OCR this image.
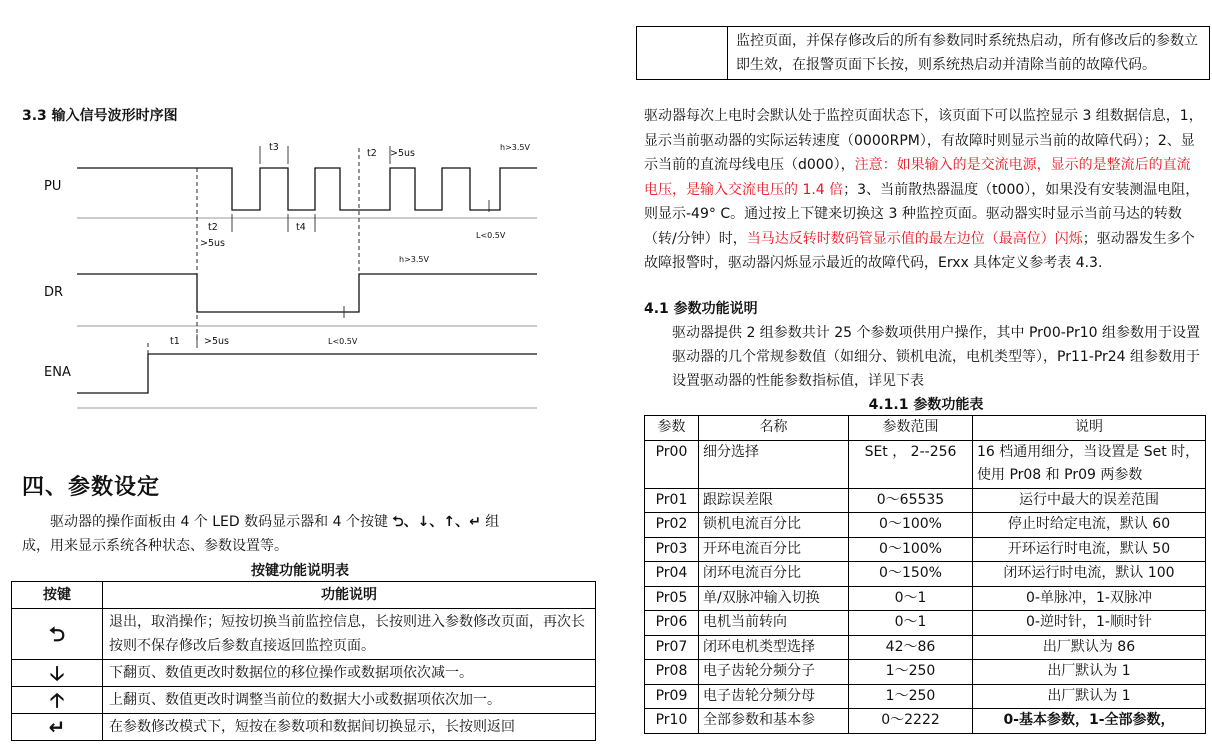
3.3 输入信号波形时序图
PU
DR
ENA
t3
t2 >5us
h>3.5V
t2
>5us
t4
L<0.5V
h>3.5V
L<0.5V
t1	>5us
四、参数设定
驱动器的操作面板由 4 个 LED 数码显示器和 4 个按键 ⮌、↓、↑、↵ 组
成，用来显示系统各种状态、参数设置等。
按键功能说明表
按键	功能说明
⮌	退出，取消操作；短按切换当前监控信息，长按则进入参数修改页面，再次长按则不保存修改后参数直接返回监控页面。
🡣	下翻页、数值更改时数据位的移位操作或数据项依次减一。
🡡	上翻页、数值更改时调整当前位的数据大小或数据项依次加一。
↵	在参数修改模式下，短按在参数项和数据间切换显示，长按则返回
	监控页面，并保存修改后的所有参数同时系统热启动，所有修改后的参数立即生效，在报警页面下长按，则系统热启动并清除当前的故障代码。
驱动器每次上电时会默认处于监控页面状态下，该页面下可以监控显示 3 组数据信息，1，显示当前驱动器的实际运转速度（0000RPM），有故障时则显示当前的故障代码）；2、显示当前的直流母线电压（d000），注意：如果输入的是交流电源，显示的是整流后的直流电压，是输入交流电压的 1.4 倍；3、当前散热器温度（t000），如果没有安装测温电阻，则显示-49° C。通过按上下键来切换这 3 种监控页面。驱动器实时显示当前马达的转数（转/分钟）时，当马达反转时数码管显示值的最左边位（最高位）闪烁；驱动器发生多个故障报警时，驱动器闪烁显示最近的故障代码，Erxx 具体定义参考表 4.3.
4.1 参数功能说明
驱动器提供 2 组参数共计 25 个参数项供用户操作，其中 Pr00-Pr10 组参数用于设置驱动器的几个常规参数值（如细分、锁机电流，电机类型等），Pr11-Pr24 组参数用于设置驱动器的性能参数指标值，详见下表
4.1.1 参数功能表
参数	名称	参数范围	说明
Pr00	细分选择	SEt ， 2--256	16 档通用细分，当设置是 Set 时，使用 Pr08 和 Pr09 两参数
Pr01	跟踪误差限	0～65535	运行中最大的误差范围
Pr02	锁机电流百分比	0～100%	停止时给定电流，默认 60
Pr03	开环电流百分比	0～100%	开环运行时电流，默认 50
Pr04	闭环电流百分比	0～150%	闭环运行时电流，默认 100
Pr05	单/双脉冲输入切换	0～1	0-单脉冲，1-双脉冲
Pr06	电机当前转向	0～1	0-逆时针，1-顺时针
Pr07	闭环电机类型选择	42～86	出厂默认为 86
Pr08	电子齿轮分频分子	1～250	出厂默认为 1
Pr09	电子齿轮分频分母	1～250	出厂默认为 1
Pr10	全部参数和基本参	0～2222	0-基本参数，1-全部参数，
